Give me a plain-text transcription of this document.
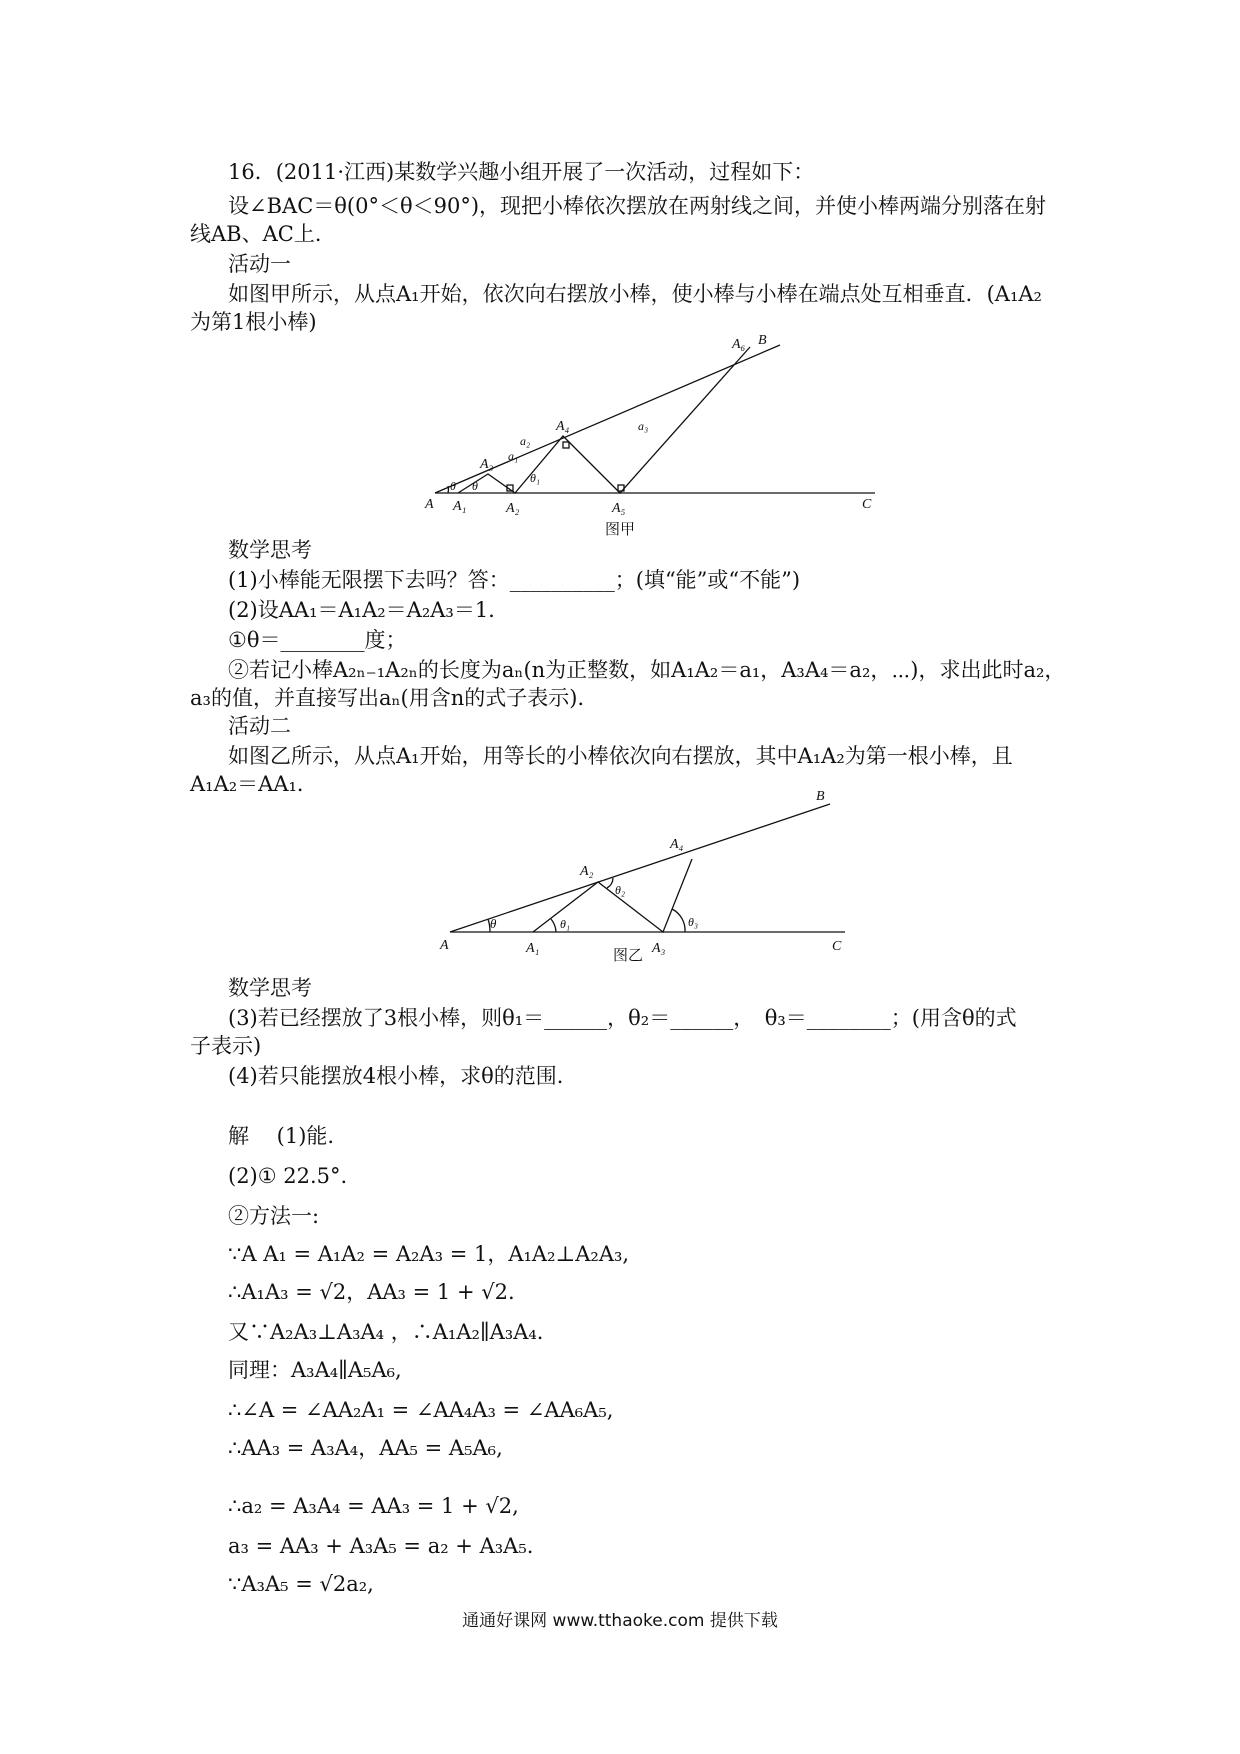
16．(2011·江西)某数学兴趣小组开展了一次活动，过程如下：
设∠BAC＝θ(0°＜θ＜90°)，现把小棒依次摆放在两射线之间，并使小棒两端分别落在射
线AB、AC上．
活动一
如图甲所示，从点A₁开始，依次向右摆放小棒，使小棒与小棒在端点处互相垂直．(A₁A₂
为第1根小棒)
A A₁	A₂
A₃
A₄
A₅
A₆ B
C
θ θ
θ₁
a₁
a₂
a₃
图甲
数学思考
(1)小棒能无限摆下去吗？答：__________；(填“能”或“不能”)
(2)设AA₁＝A₁A₂＝A₂A₃＝1．
①θ＝________度；
②若记小棒A₂ₙ₋₁A₂ₙ的长度为aₙ(n为正整数，如A₁A₂＝a₁，A₃A₄＝a₂，⋯)，求出此时a₂，
a₃的值，并直接写出aₙ(用含n的式子表示)．
活动二
如图乙所示，从点A₁开始，用等长的小棒依次向右摆放，其中A₁A₂为第一根小棒，且
A₁A₂＝AA₁．
A	A₁
A₂
A₃
A₄
B
C
θ	θ₁
θ₂
θ₃
图乙
数学思考
(3)若已经摆放了3根小棒，则θ₁＝______，θ₂＝______，　θ₃＝________；(用含θ的式
子表示)
(4)若只能摆放4根小棒，求θ的范围．
解　 (1)能.
(2)① 22.5°.
②方法一:
∵A A₁ = A₁A₂ = A₂A₃ = 1，A₁A₂⊥A₂A₃,
∴A₁A₃ = √2，AA₃ = 1 + √2.
又∵A₂A₃⊥A₃A₄ ，∴A₁A₂∥A₃A₄.
同理：A₃A₄∥A₅A₆,
∴∠A = ∠AA₂A₁ = ∠AA₄A₃ = ∠AA₆A₅,
∴AA₃ = A₃A₄，AA₅ = A₅A₆,
∴a₂ = A₃A₄ = AA₃ = 1 + √2,
a₃ = AA₃ + A₃A₅ = a₂ + A₃A₅.
∵A₃A₅ = √2a₂,
通通好课网 www.tthaoke.com 提供下载
